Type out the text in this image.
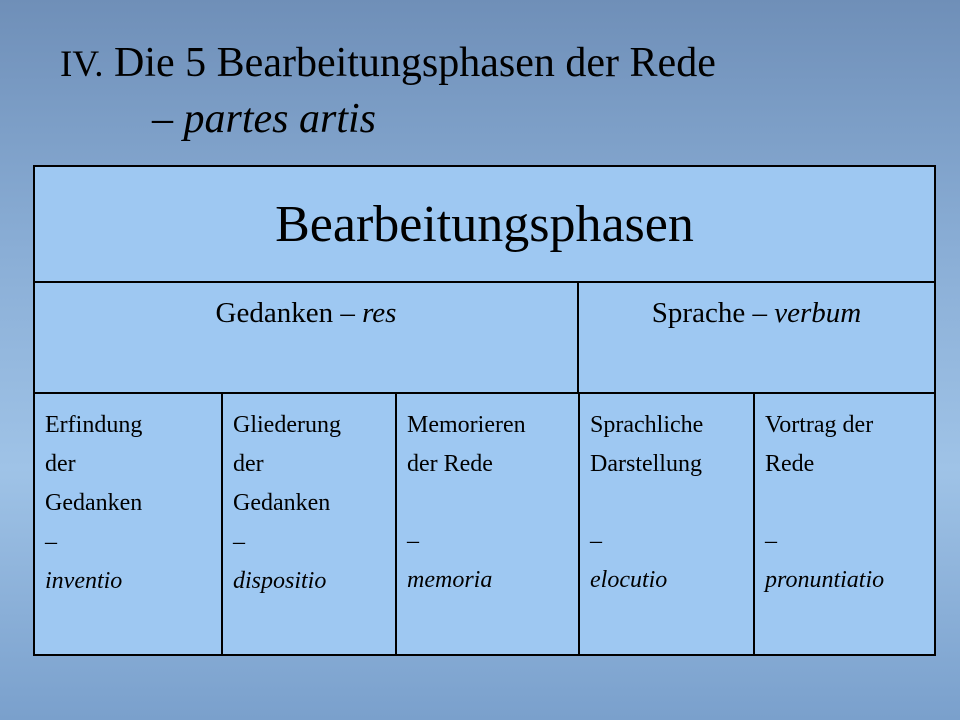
IV. Die 5 Bearbeitungsphasen der Rede
– partes artis
Bearbeitungsphasen
Gedanken – res	Sprache – verbum
Erfindung
der
Gedanken
–
inventio
Gliederung
der
Gedanken
–
dispositio
Memorieren
der Rede
–
memoria
Sprachliche
Darstellung
–
elocutio
Vortrag der
Rede
–
pronuntiatio
